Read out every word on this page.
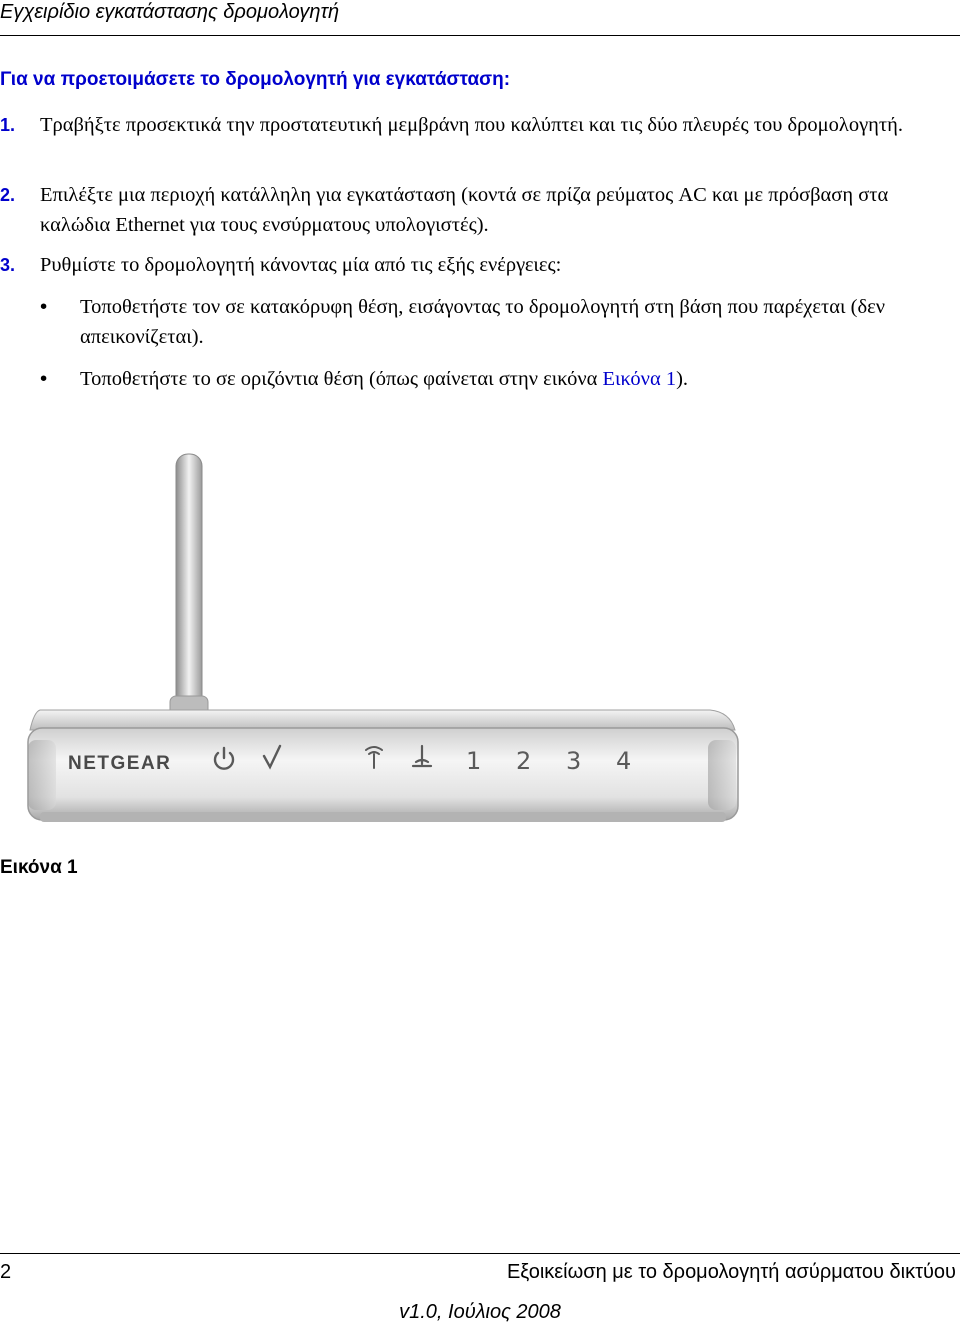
Εγχειρίδιο εγκατάστασης δρομολογητή
Για να προετοιμάσετε το δρομολογητή για εγκατάσταση:
1.	Τραβήξτε προσεκτικά την προστατευτική μεμβράνη που καλύπτει και τις δύο πλευρές του δρομολογητή.
2.	Επιλέξτε μια περιοχή κατάλληλη για εγκατάσταση (κοντά σε πρίζα ρεύματος AC και με πρόσβαση στα καλώδια Ethernet για τους ενσύρματους υπολογιστές).
3.	Ρυθμίστε το δρομολογητή κάνοντας μία από τις εξής ενέργειες:
•	Τοποθετήστε τον σε κατακόρυφη θέση, εισάγοντας το δρομολογητή στη βάση που παρέχεται (δεν απεικονίζεται).
•	Τοποθετήστε το σε οριζόντια θέση (όπως φαίνεται στην εικόνα Εικόνα 1).
NETGEAR	1 2 3 4
Εικόνα 1
2	Εξοικείωση με το δρομολογητή ασύρματου δικτύου
v1.0, Ιούλιος 2008
